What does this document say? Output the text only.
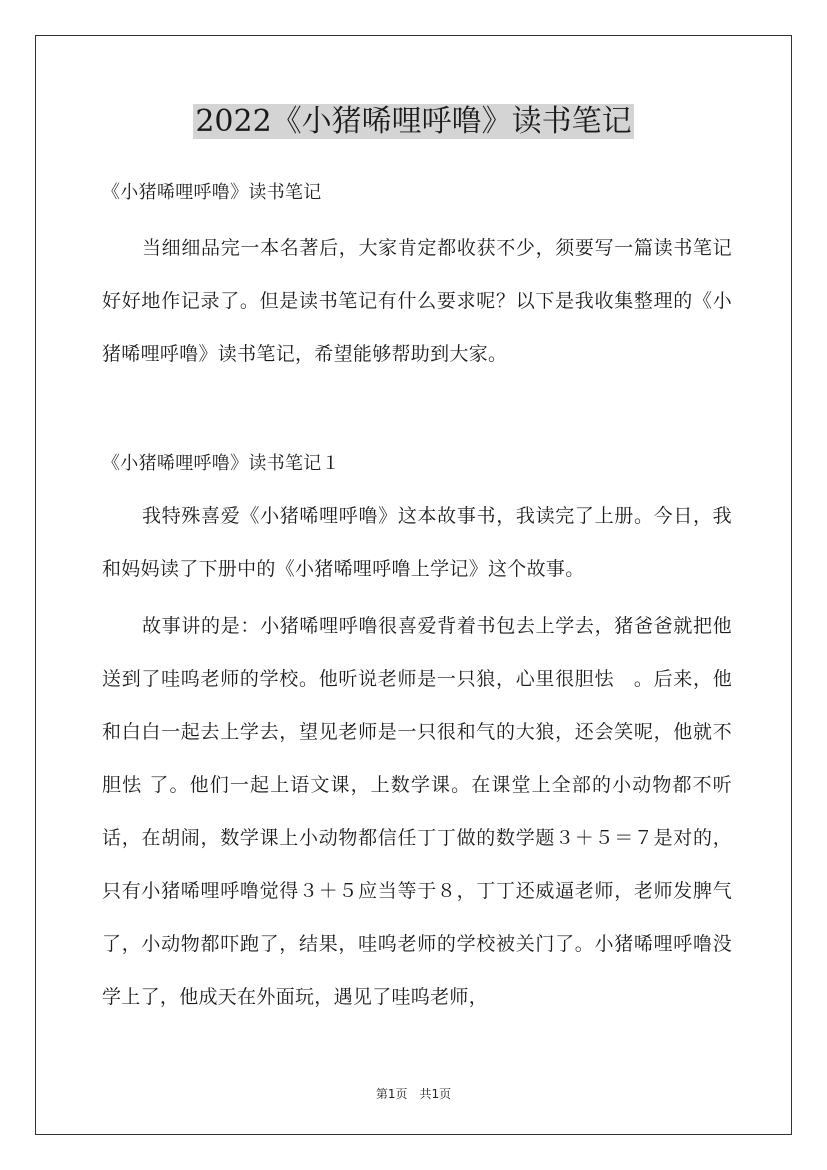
2022《小猪唏哩呼噜》读书笔记

《小猪唏哩呼噜》读书笔记

当细细品完一本名著后，大家肯定都收获不少，须要写一篇读书笔记好好地作记录了。但是读书笔记有什么要求呢？以下是我收集整理的《小猪唏哩呼噜》读书笔记，希望能够帮助到大家。

《小猪唏哩呼噜》读书笔记１

我特殊喜爱《小猪唏哩呼噜》这本故事书，我读完了上册。今日，我和妈妈读了下册中的《小猪唏哩呼噜上学记》这个故事。

故事讲的是：小猪唏哩呼噜很喜爱背着书包去上学去，猪爸爸就把他送到了哇呜老师的学校。他听说老师是一只狼，心里很胆怯　。后来，他和白白一起去上学去，望见老师是一只很和气的大狼，还会笑呢，他就不胆怯 了。他们一起上语文课，上数学课。在课堂上全部的小动物都不听话，在胡闹，数学课上小动物都信任丁丁做的数学题３＋５＝７是对的，只有小猪唏哩呼噜觉得３＋５应当等于８，丁丁还威逼老师，老师发脾气了，小动物都吓跑了，结果，哇呜老师的学校被关门了。小猪唏哩呼噜没学上了，他成天在外面玩，遇见了哇呜老师，

第1页　共1页
